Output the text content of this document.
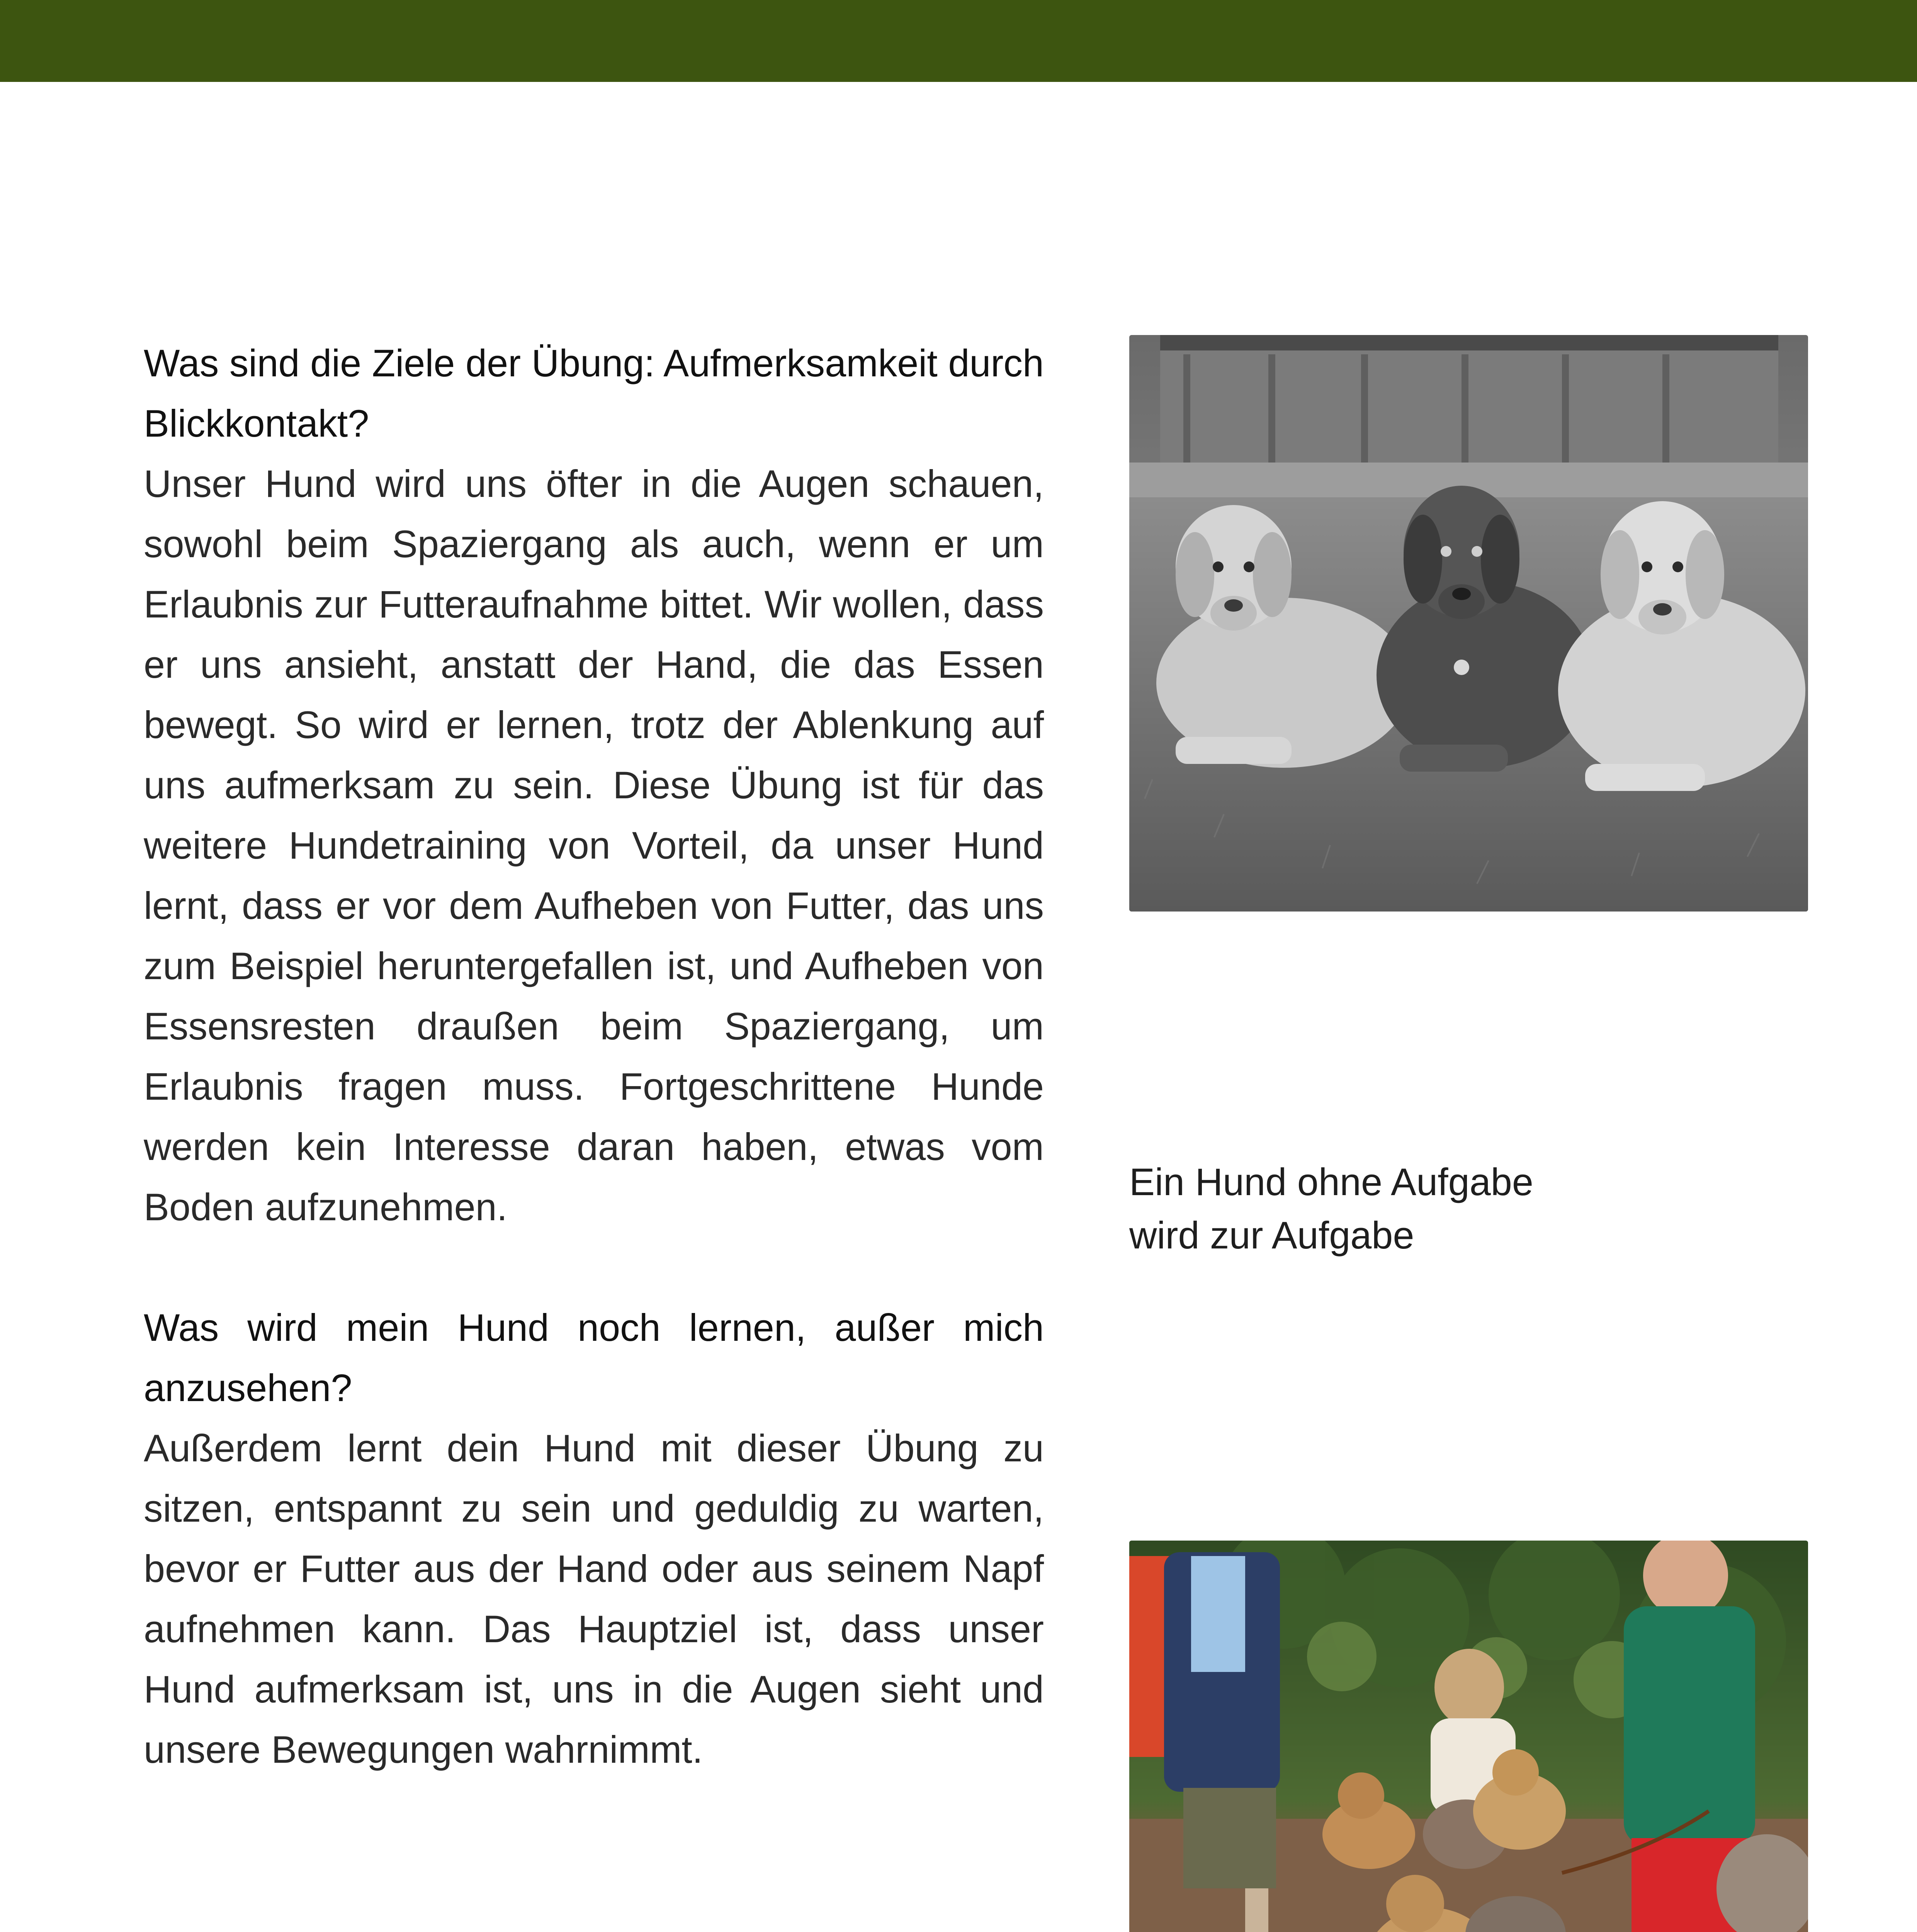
Was sind die Ziele der Übung: Aufmerksamkeit durch Blickkontakt?

Unser Hund wird uns öfter in die Augen schauen, sowohl beim Spaziergang als auch, wenn er um Erlaubnis zur Futteraufnahme bittet. Wir wollen, dass er uns ansieht, anstatt der Hand, die das Essen bewegt. So wird er lernen, trotz der Ablenkung auf uns aufmerksam zu sein. Diese Übung ist für das weitere Hundetraining von Vorteil, da unser Hund lernt, dass er vor dem Aufheben von Futter, das uns zum Beispiel heruntergefallen ist, und Aufheben von Essensresten draußen beim Spaziergang, um Erlaubnis fragen muss. Fortgeschrittene Hunde werden kein Interesse daran haben, etwas vom Boden aufzunehmen.

Was wird mein Hund noch lernen, außer mich anzusehen?

Außerdem lernt dein Hund mit dieser Übung zu sitzen, entspannt zu sein und geduldig zu warten, bevor er Futter aus der Hand oder aus seinem Napf aufnehmen kann. Das Hauptziel ist, dass unser Hund aufmerksam ist, uns in die Augen sieht und unsere Bewegungen wahrnimmt.

Ein Hund ohne Aufgabe
wird zur Aufgabe
